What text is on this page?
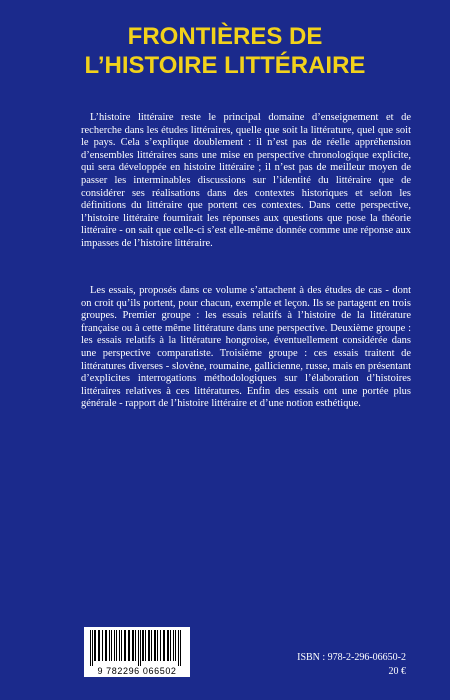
FRONTIÈRES DE
L’HISTOIRE LITTÉRAIRE

L’histoire littéraire reste le principal domaine d’enseignement et de recherche dans les études littéraires, quelle que soit la littérature, quel que soit le pays. Cela s’explique doublement : il n’est pas de réelle appréhension d’ensembles littéraires sans une mise en perspective chronologique explicite, qui sera développée en histoire littéraire ; il n’est pas de meilleur moyen de passer les interminables discussions sur l’identité du littéraire que de considérer ses réalisations dans des contextes historiques et selon les définitions du littéraire que portent ces contextes. Dans cette perspective, l’histoire littéraire fournirait les réponses aux questions que pose la théorie littéraire - on sait que celle-ci s’est elle-même donnée comme une réponse aux impasses de l’histoire littéraire.

Les essais, proposés dans ce volume s’attachent à des études de cas - dont on croit qu’ils portent, pour chacun, exemple et leçon. Ils se partagent en trois groupes. Premier groupe : les essais relatifs à l’histoire de la littérature française ou à cette même littérature dans une perspective. Deuxième groupe : les essais relatifs à la littérature hongroise, éventuellement considérée dans une perspective comparatiste. Troisième groupe : ces essais traitent de littératures diverses - slovène, roumaine, gallicienne, russe, mais en présentant d’explicites interrogations méthodologiques sur l’élaboration d’histoires littéraires relatives à ces littératures. Enfin des essais ont une portée plus générale - rapport de l’histoire littéraire et d’une notion esthétique.

9 782296 066502
ISBN : 978-2-296-06650-2
20 €
